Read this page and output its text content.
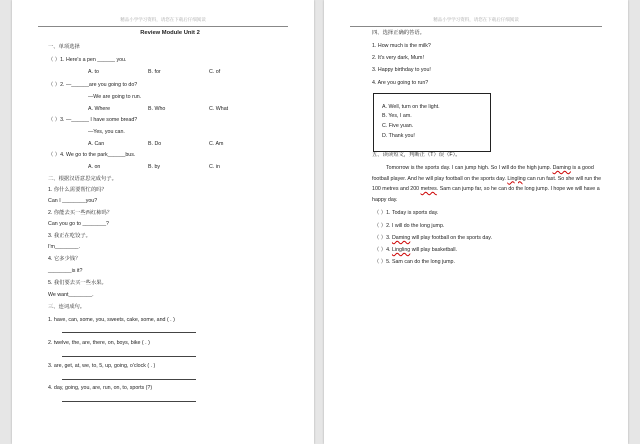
精品小学学习资料，请您在下载后仔细阅读
Review Module Unit 2
一、单项选择
（ ）1. Here's a pen ______ you.
A. to	B. for	C. of
（ ）2. —______are you going to do?
—We are going to run.
A. Where	B. Who	C. What
（ ）3. —______ I have some bread?
—Yes, you can.
A. Can	B. Do	C. Am
（ ）4. We go to the park______bus.
A. on	B. by	C. in
二、根据汉语意思完成句子。
1. 你什么需要帮忙的吗？
Can I ________you?
2. 你能去买一些西红柿吗？
Can you go to ________?
3. 我正在吃饺子。
I'm________.
4. 它多少钱？
________is it?
5. 我们要去买一些水果。
We want________.
三、连词成句。
1. have, can, some, you, sweets, cake, some, and ( . )
2. twelve, the, are, there, on, boys, bike ( . )
3. are, get, at, we, to, 5, up, going, o'clock ( . )
4. day, going, you, are, run, on, to, sports (?)
精品小学学习资料，请您在下载后仔细阅读
四、选择正确的答语。
1. How much is the milk?
2. It's very dark, Mum!
3. Happy birthday to you!
4. Are you going to run?
A. Well, turn on the light.
B. Yes, I am.
C. Five yuan.
D. Thank you!
五、读读短文，判断正（T）误（F）。
Tomorrow is the sports day. I can jump high. So I will do the high jump. Daming is a good football player. And he will play football on the sports day. Lingling can run fast. So she will run the 100 metres and 200 metres. Sam can jump far, so he can do the long jump. I hope we will have a happy day.
（ ）1. Today is sports day.
（ ）2. I will do the long jump.
（ ）3. Daming will play football on the sports day.
（ ）4. Lingling will play basketball.
（ ）5. Sam can do the long jump.
